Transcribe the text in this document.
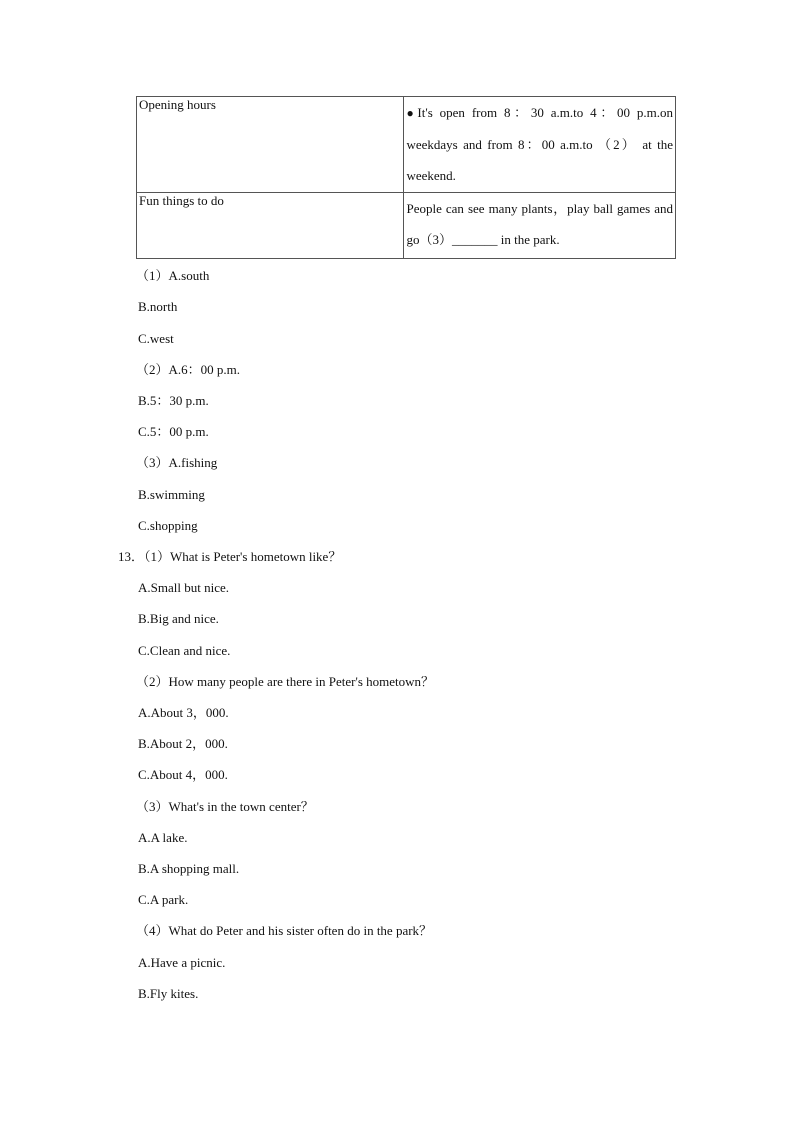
Opening hours	●It's open from 8：30 a.m.to 4：00 p.m.on weekdays and from 8：00 a.m.to （2） at the weekend.
Fun things to do	People can see many plants，play ball games and go（3）_______ in the park.
（1）A.south
B.north
C.west
（2）A.6：00 p.m.
B.5：30 p.m.
C.5：00 p.m.
（3）A.fishing
B.swimming
C.shopping
13．（1）What is Peter's hometown like？
A.Small but nice.
B.Big and nice.
C.Clean and nice.
（2）How many people are there in Peter's hometown？
A.About 3，000.
B.About 2，000.
C.About 4，000.
（3）What's in the town center？
A.A lake.
B.A shopping mall.
C.A park.
（4）What do Peter and his sister often do in the park？
A.Have a picnic.
B.Fly kites.
